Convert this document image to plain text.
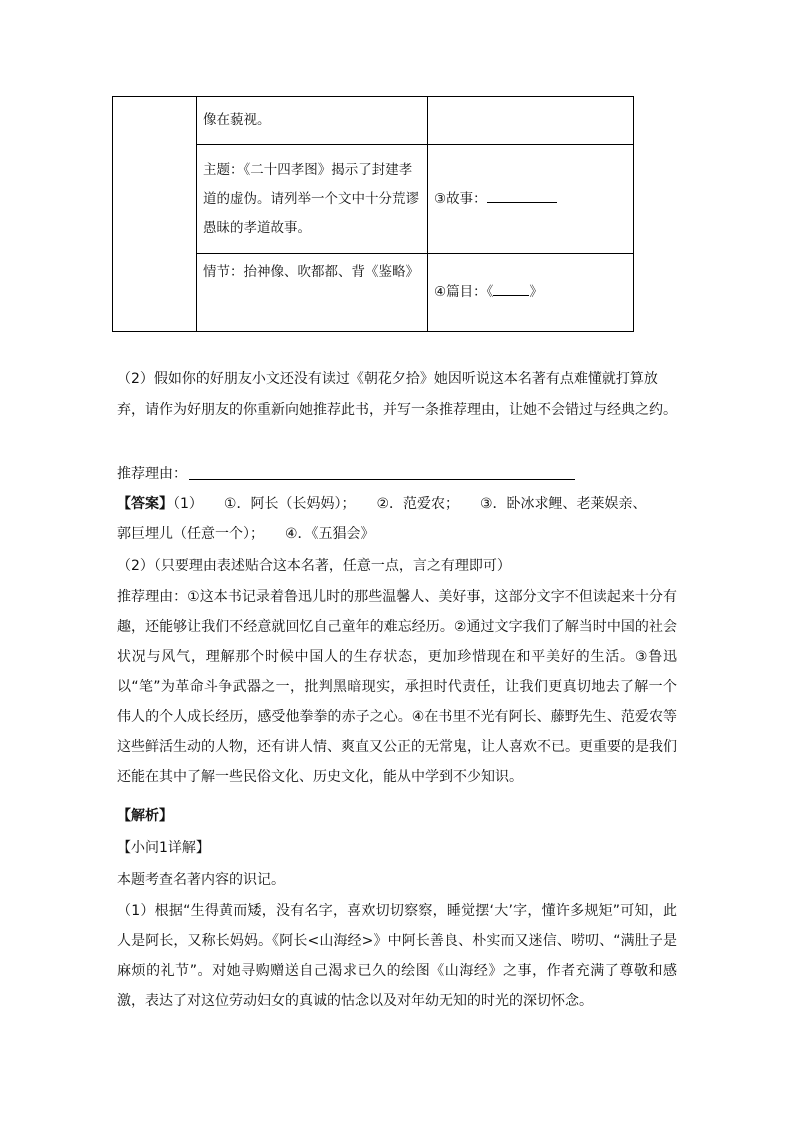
	像在藐视。	
	主题：《二十四孝图》揭示了封建孝道的虚伪。请列举一个文中十分荒谬愚昧的孝道故事。	③故事：
	情节：抬神像、吹都都、背《鉴略》	④篇目：《 》
（2）假如你的好朋友小文还没有读过《朝花夕拾》她因听说这本名著有点难懂就打算放
弃，请作为好朋友的你重新向她推荐此书，并写一条推荐理由，让她不会错过与经典之约。
推荐理由：
【答案】（1）　　①．阿长（长妈妈）；　　②．范爱农；　　③．卧冰求鲤、老莱娱亲、
郭巨埋儿（任意一个）；　　④．《五猖会》
（2）（只要理由表述贴合这本名著，任意一点，言之有理即可）
推荐理由：①这本书记录着鲁迅儿时的那些温馨人、美好事，这部分文字不但读起来十分有趣，还能够让我们不经意就回忆自己童年的难忘经历。②通过文字我们了解当时中国的社会状况与风气，理解那个时候中国人的生存状态，更加珍惜现在和平美好的生活。③鲁迅以“笔”为革命斗争武器之一，批判黑暗现实，承担时代责任，让我们更真切地去了解一个伟人的个人成长经历，感受他拳拳的赤子之心。④在书里不光有阿长、藤野先生、范爱农等这些鲜活生动的人物，还有讲人情、爽直又公正的无常鬼，让人喜欢不已。更重要的是我们还能在其中了解一些民俗文化、历史文化，能从中学到不少知识。
【解析】
【小问1详解】
本题考查名著内容的识记。
（1）根据“生得黄而矮，没有名字，喜欢切切察察，睡觉摆‘大’字，懂许多规矩”可知，此人是阿长，又称长妈妈。《阿长<山海经>》中阿长善良、朴实而又迷信、唠叨、“满肚子是麻烦的礼节”。对她寻购赠送自己渴求已久的绘图《山海经》之事，作者充满了尊敬和感激，表达了对这位劳动妇女的真诚的怙念以及对年幼无知的时光的深切怀念。
